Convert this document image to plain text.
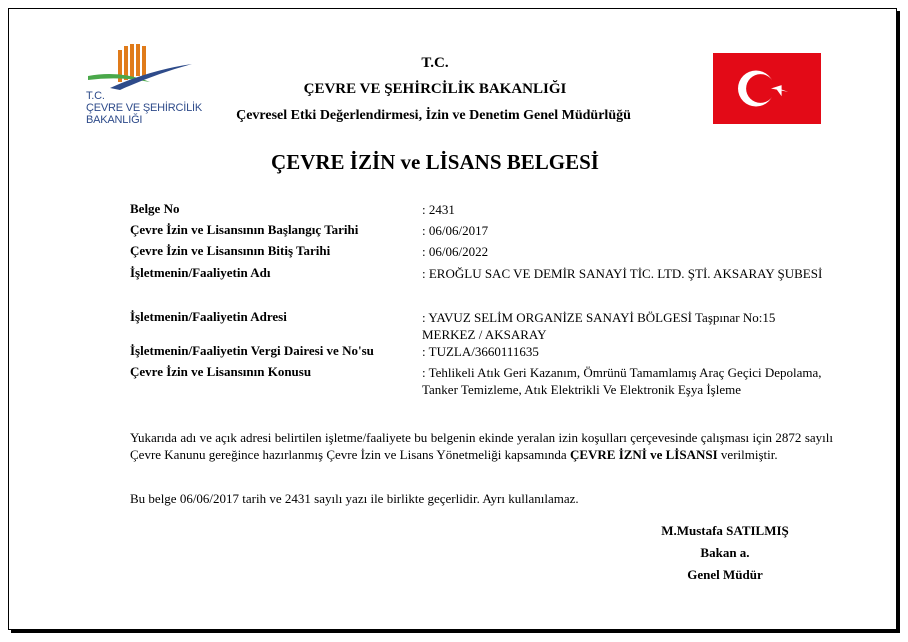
T.C.
ÇEVRE VE ŞEHİRCİLİK
BAKANLIĞI
T.C.
ÇEVRE VE ŞEHİRCİLİK BAKANLIĞI
Çevresel Etki Değerlendirmesi, İzin ve Denetim Genel Müdürlüğü
ÇEVRE İZİN ve LİSANS BELGESİ
Belge No	: 2431
Çevre İzin ve Lisansının Başlangıç Tarihi	: 06/06/2017
Çevre İzin ve Lisansının Bitiş Tarihi	: 06/06/2022
İşletmenin/Faaliyetin Adı	: EROĞLU SAC VE DEMİR SANAYİ TİC. LTD. ŞTİ. AKSARAY ŞUBESİ
İşletmenin/Faaliyetin Adresi	: YAVUZ SELİM ORGANİZE SANAYİ BÖLGESİ Taşpınar No:15 MERKEZ / AKSARAY
İşletmenin/Faaliyetin Vergi Dairesi ve No'su	: TUZLA/3660111635
Çevre İzin ve Lisansının Konusu	: Tehlikeli Atık Geri Kazanım, Ömrünü Tamamlamış Araç Geçici Depolama, Tanker Temizleme, Atık Elektrikli Ve Elektronik Eşya İşleme
Yukarıda adı ve açık adresi belirtilen işletme/faaliyete bu belgenin ekinde yeralan izin koşulları çerçevesinde çalışması için 2872 sayılı Çevre Kanunu gereğince hazırlanmış Çevre İzin ve Lisans Yönetmeliği kapsamında ÇEVRE İZNİ ve LİSANSI verilmiştir.
Bu belge 06/06/2017 tarih ve 2431 sayılı yazı ile birlikte geçerlidir. Ayrı kullanılamaz.
M.Mustafa SATILMIŞ
Bakan a.
Genel Müdür
